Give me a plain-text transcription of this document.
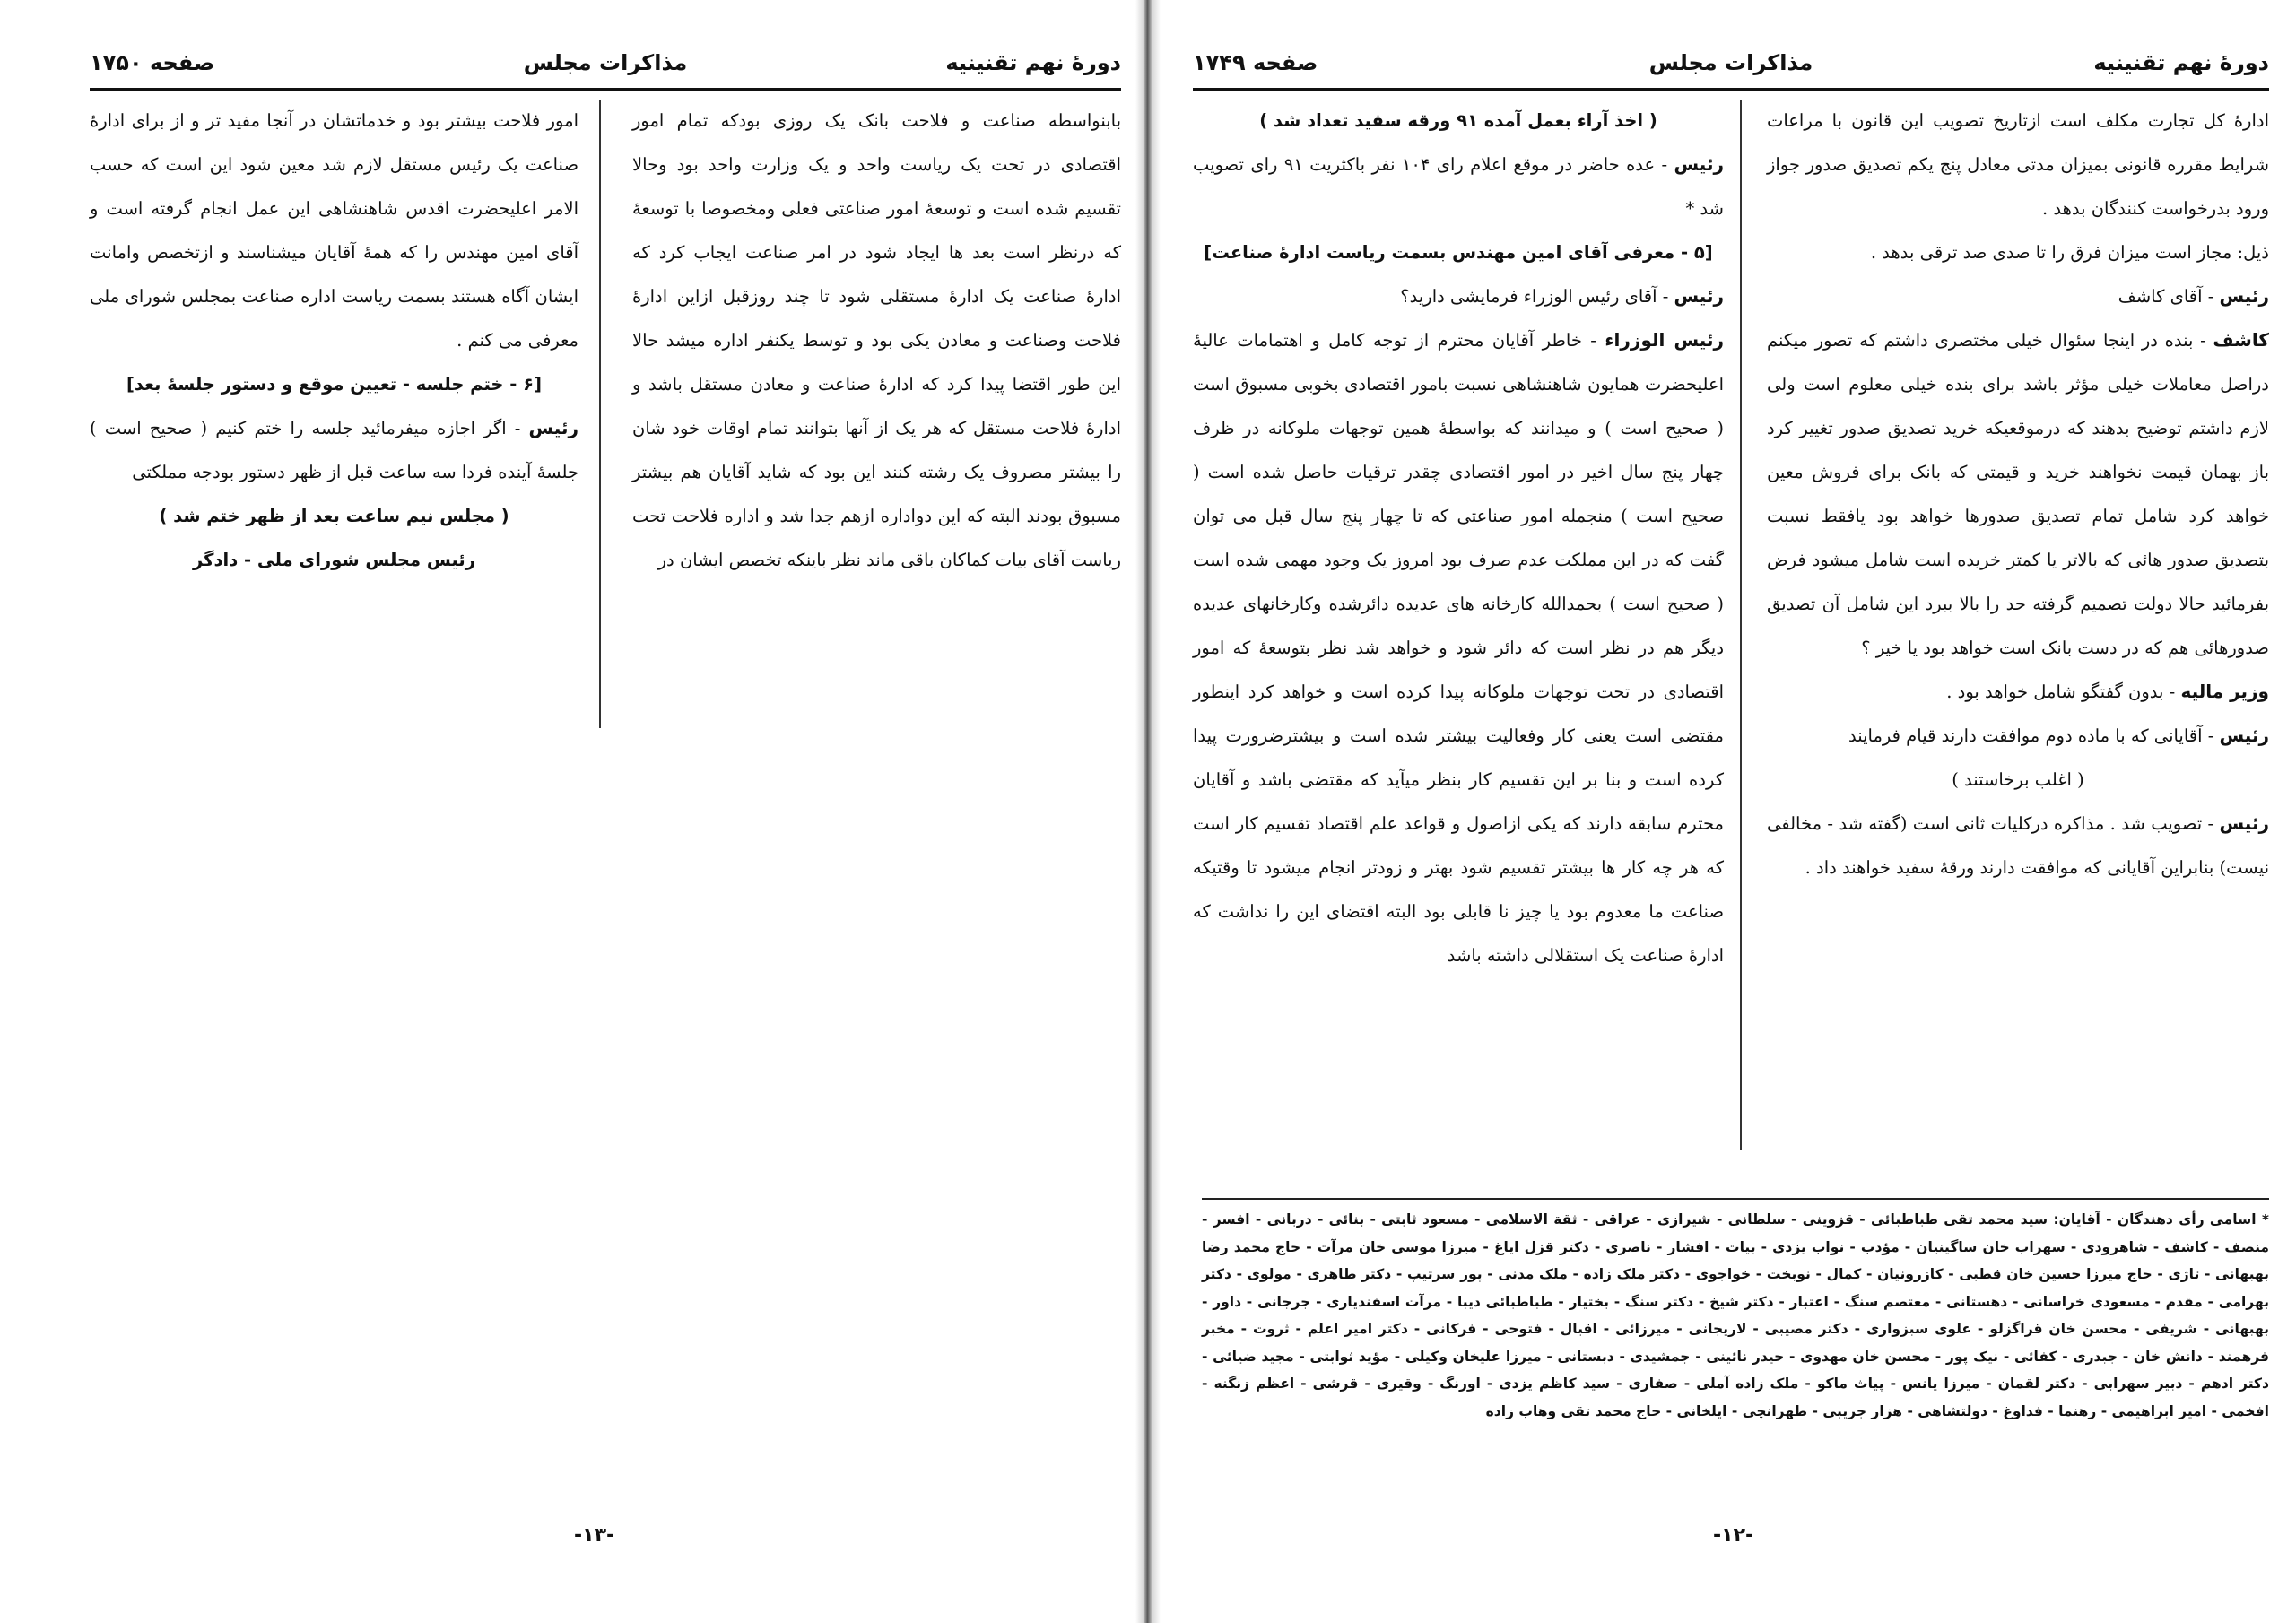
دورهٔ نهم تقنینیه
مذاکرات مجلس
صفحه ۱۷۵۰

بابنواسطه صناعت و فلاحت بانک یک روزی بودکه تمام امور اقتصادی در تحت یک ریاست واحد و یک وزارت واحد بود وحالا تقسیم شده است و توسعهٔ امور صناعتی فعلی ومخصوصا با توسعهٔ که درنظر است بعد ها ایجاد شود در امر صناعت ایجاب کرد که ادارهٔ صناعت یک ادارهٔ مستقلی شود تا چند روزقبل ازاین ادارهٔ فلاحت وصناعت و معادن یکی بود و توسط یکنفر اداره میشد حالا این طور اقتضا پیدا کرد که ادارهٔ صناعت و معادن مستقل باشد و ادارهٔ فلاحت مستقل که هر یک از آنها بتوانند تمام اوقات خود شان را بیشتر مصروف یک رشته کنند این بود که شاید آقایان هم بیشتر مسبوق بودند البته که این دواداره ازهم جدا شد و اداره فلاحت تحت ریاست آقای بیات کماکان باقی ماند نظر باینکه تخصص ایشان در

امور فلاحت بیشتر بود و خدماتشان در آنجا مفید تر و از برای ادارهٔ صناعت یک رئیس مستقل لازم شد معین شود این است که حسب الامر اعلیحضرت اقدس شاهنشاهی این عمل انجام گرفته است و آقای امین مهندس را که همهٔ آقایان میشناسند و ازتخصص وامانت ایشان آگاه هستند بسمت ریاست اداره صناعت بمجلس شورای ملی معرفی می کنم .

[۶ - ختم جلسه - تعیین موقع و دستور جلسهٔ بعد]

رئیس - اگر اجازه میفرمائید جلسه را ختم کنیم ( صحیح است ) جلسهٔ آینده فردا سه ساعت قبل از ظهر دستور بودجه مملکتی

( مجلس نیم ساعت بعد از ظهر ختم شد )

رئیس مجلس شورای ملی - دادگر

-۱۳-
دورهٔ نهم تقنینیه
مذاکرات مجلس
صفحه ۱۷۴۹

ادارهٔ کل تجارت مکلف است ازتاریخ تصویب این قانون با مراعات شرایط مقرره قانونی بمیزان مدتی معادل پنج یکم تصدیق صدور جواز ورود بدرخواست کنندگان بدهد .

ذیل: مجاز است میزان فرق را تا صدی صد ترقی بدهد .

رئیس - آقای کاشف

کاشف - بنده در اینجا سئوال خیلی مختصری داشتم که تصور میکنم دراصل معاملات خیلی مؤثر باشد برای بنده خیلی معلوم است ولی لازم داشتم توضیح بدهند که درموقعیکه خرید تصدیق صدور تغییر کرد باز بهمان قیمت نخواهند خرید و قیمتی که بانک برای فروش معین خواهد کرد شامل تمام تصدیق صدورها خواهد بود یافقط نسبت بتصدیق صدور هائی که بالاتر یا کمتر خریده است شامل میشود فرض بفرمائید حالا دولت تصمیم گرفته حد را بالا ببرد این شامل آن تصدیق صدورهائی هم که در دست بانک است خواهد بود یا خیر ؟

وزیر مالیه - بدون گفتگو شامل خواهد بود .

رئیس - آقایانی که با ماده دوم موافقت دارند قیام فرمایند

( اغلب برخاستند )

رئیس - تصویب شد . مذاکره درکلیات ثانی است (گفته شد - مخالفی نیست) بنابراین آقایانی که موافقت دارند ورقهٔ سفید خواهند داد .

( اخذ آراء بعمل آمده ۹۱ ورقه سفید تعداد شد )

رئیس - عده حاضر در موقع اعلام رای ۱۰۴ نفر باکثریت ۹۱ رای تصویب شد *

[۵ - معرفی آقای امین مهندس بسمت ریاست ادارهٔ صناعت]

رئیس - آقای رئیس الوزراء فرمایشی دارید؟

رئیس الوزراء - خاطر آقایان محترم از توجه کامل و اهتمامات عالیهٔ اعلیحضرت همایون شاهنشاهی نسبت بامور اقتصادی بخوبی مسبوق است ( صحیح است ) و میدانند که بواسطهٔ همین توجهات ملوکانه در ظرف چهار پنج سال اخیر در امور اقتصادی چقدر ترقیات حاصل شده است ( صحیح است ) منجمله امور صناعتی که تا چهار پنج سال قبل می توان گفت که در این مملکت عدم صرف بود امروز یک وجود مهمی شده است ( صحیح است ) بحمدالله کارخانه های عدیده دائرشده وکارخانهای عدیده دیگر هم در نظر است که دائر شود و خواهد شد نظر بتوسعهٔ که امور اقتصادی در تحت توجهات ملوکانه پیدا کرده است و خواهد کرد اینطور مقتضی است یعنی کار وفعالیت بیشتر شده است و بیشترضرورت پیدا کرده است و بنا بر این تقسیم کار بنظر میآید که مقتضی باشد و آقایان محترم سابقه دارند که یکی ازاصول و قواعد علم اقتصاد تقسیم کار است که هر چه کار ها بیشتر تقسیم شود بهتر و زودتر انجام میشود تا وقتیکه صناعت ما معدوم بود یا چیز نا قابلی بود البته اقتضای این را نداشت که ادارهٔ صناعت یک استقلالی داشته باشد

* اسامی رأی دهندگان - آقایان: سید محمد تقی طباطبائی - قزوینی - سلطانی - شیرازی - عراقی - ثقة الاسلامی - مسعود ثابتی - بنائی - دربانی - افسر - منصف - کاشف - شاهرودی - سهراب خان ساگینیان - مؤدب - نواب یزدی - بیات - افشار - ناصری - دکتر قزل ایاغ - میرزا موسی خان مرآت - حاج محمد رضا بهبهانی - تاژی - حاج میرزا حسین خان قطبی - کازرونیان - کمال - نوبخت - خواجوی - دکتر ملک زاده - ملک مدنی - پور سرتیپ - دکتر طاهری - مولوی - دکتر بهرامی - مقدم - مسعودی خراسانی - دهستانی - معتصم سنگ - اعتبار - دکتر شیخ - دکتر سنگ - بختیار - طباطبائی دیبا - مرآت اسفندیاری - جرجانی - داور - بهبهانی - شریفی - محسن خان قراگزلو - علوی سبزواری - دکتر مصیبی - لاریجانی - میرزائی - اقبال - فتوحی - فرکانی - دکتر امیر اعلم - ثروت - مخبر فرهمند - دانش خان - جبدری - کفائی - نیک پور - محسن خان مهدوی - حیدر نائینی - جمشیدی - دبستانی - میرزا علیخان وکیلی - مؤید ثوابتی - مجید ضیائی - دکتر ادهم - دبیر سهرابی - دکتر لقمان - میرزا یانس - پیاث ماکو - ملک زاده آملی - صفاری - سید کاظم یزدی - اورنگ - وقیری - قرشی - اعظم زنگنه - افخمی - امیر ابراهیمی - رهنما - فداوغ - دولتشاهی - هزار جریبی - طهرانچی - ایلخانی - حاج محمد تقی وهاب زاده
-۱۲-
